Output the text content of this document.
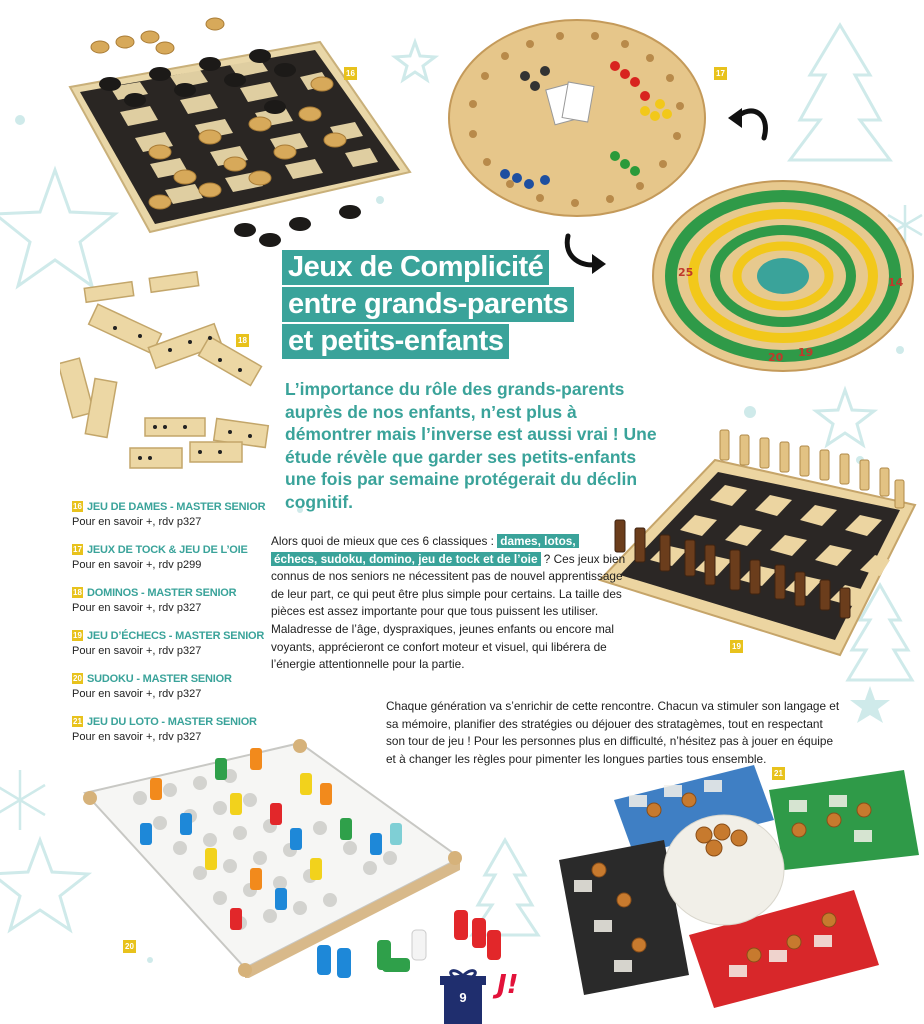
16
19
20
25
14
17
18
Jeux de Complicité
entre grands-parents
et petits-enfants
L’importance du rôle des grands-parents auprès de nos enfants, n’est plus à démontrer mais l’inverse est aussi vrai ! Une étude révèle que garder ses petits-enfants une fois par semaine protégerait du déclin cognitif.
19
16 JEU DE DAMES - MASTER SENIOR
Pour en savoir +, rdv p327
17 JEUX DE TOCK & JEU DE L’OIE
Pour en savoir +, rdv p299
18 DOMINOS - MASTER SENIOR
Pour en savoir +, rdv p327
19 JEU D’ÉCHECS - MASTER SENIOR
Pour en savoir +, rdv p327
20 SUDOKU - MASTER SENIOR
Pour en savoir +, rdv p327
21 JEU DU LOTO - MASTER SENIOR
Pour en savoir +, rdv p327
Alors quoi de mieux que ces 6 classiques : dames, lotos,
échecs, sudoku, domino, jeu de tock et de l’oie ? Ces jeux bien connus de nos seniors ne nécessitent pas de nouvel apprentissage de leur part, ce qui peut être plus simple pour certains. La taille des pièces est assez importante pour que tous puissent les utiliser. Maladresse de l’âge, dyspraxiques, jeunes enfants ou encore mal voyants, apprécieront ce confort moteur et visuel, qui libérera de l’énergie attentionnelle pour la partie.
Chaque génération va s’enrichir de cette rencontre. Chacun va stimuler son langage et sa mémoire, planifier des stratégies ou déjouer des stratagèmes, tout en respectant son tour de jeu ! Pour les personnes plus en difficulté, n’hésitez pas à jouer en équipe et à changer les règles pour pimenter les longues parties tous ensemble.
20
21
9	J!
